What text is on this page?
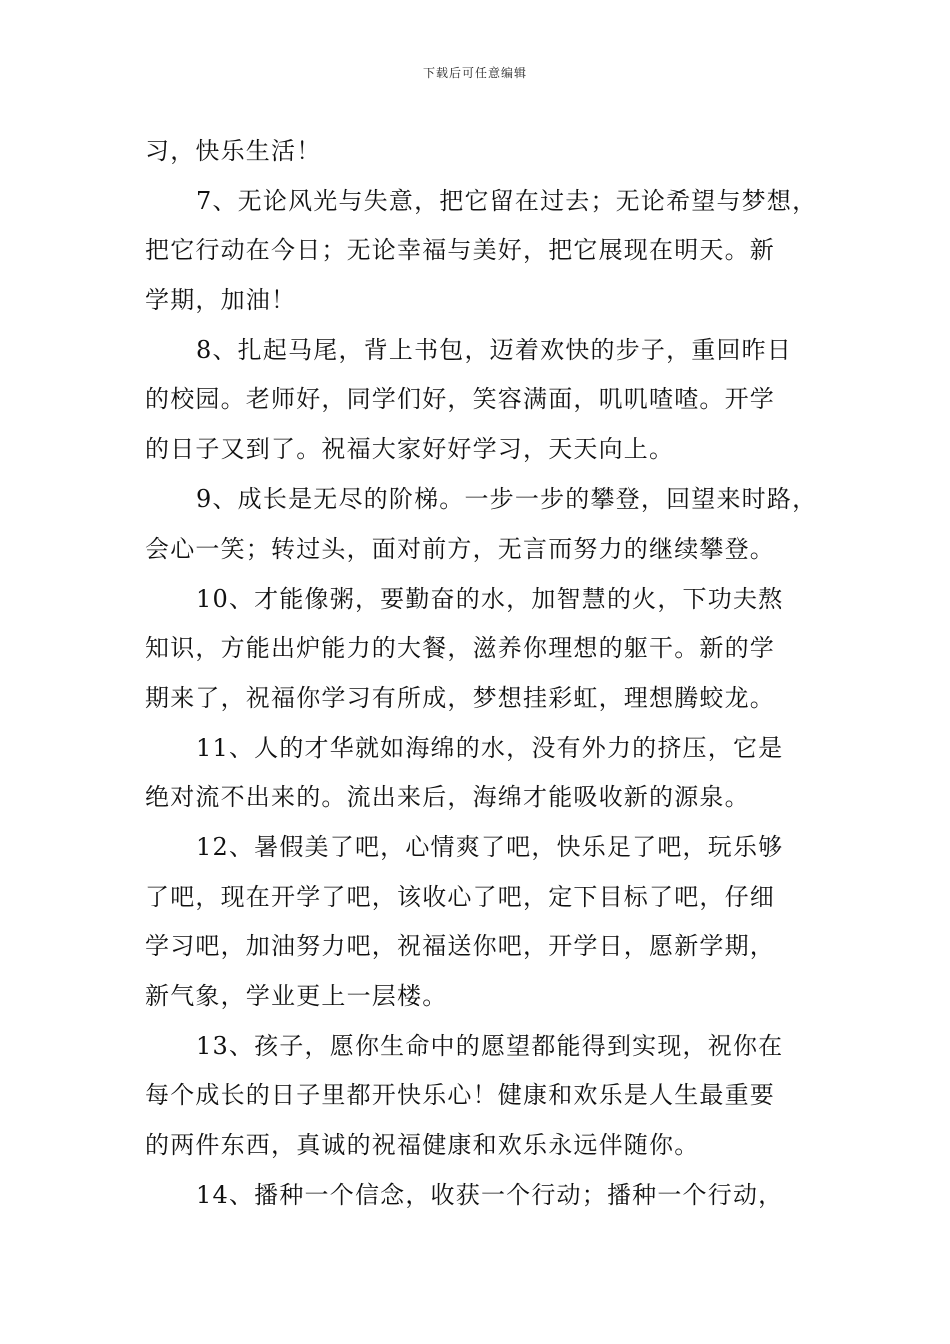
下载后可任意编辑
习，快乐生活！
7、无论风光与失意，把它留在过去；无论希望与梦想，
把它行动在今日；无论幸福与美好，把它展现在明天。新
学期，加油！
8、扎起马尾，背上书包，迈着欢快的步子，重回昨日
的校园。老师好，同学们好，笑容满面，叽叽喳喳。开学
的日子又到了。祝福大家好好学习，天天向上。
9、成长是无尽的阶梯。一步一步的攀登，回望来时路，
会心一笑；转过头，面对前方，无言而努力的继续攀登。
10、才能像粥，要勤奋的水，加智慧的火，下功夫熬
知识，方能出炉能力的大餐，滋养你理想的躯干。新的学
期来了，祝福你学习有所成，梦想挂彩虹，理想腾蛟龙。
11、人的才华就如海绵的水，没有外力的挤压，它是
绝对流不出来的。流出来后，海绵才能吸收新的源泉。
12、暑假美了吧，心情爽了吧，快乐足了吧，玩乐够
了吧，现在开学了吧，该收心了吧，定下目标了吧，仔细
学习吧，加油努力吧，祝福送你吧，开学日，愿新学期，
新气象，学业更上一层楼。
13、孩子，愿你生命中的愿望都能得到实现，祝你在
每个成长的日子里都开快乐心！健康和欢乐是人生最重要
的两件东西，真诚的祝福健康和欢乐永远伴随你。
14、播种一个信念，收获一个行动；播种一个行动，
